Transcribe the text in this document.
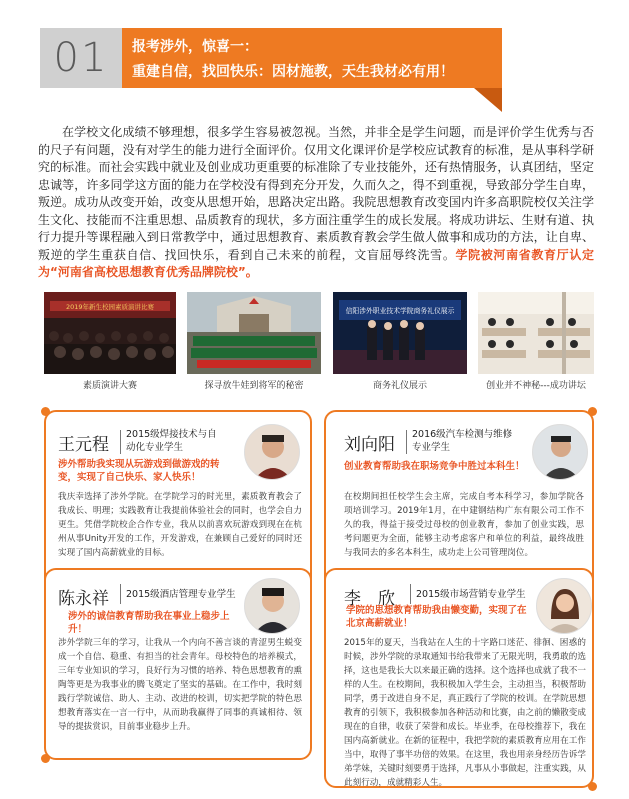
01	报考涉外，惊喜一：
重建自信，找回快乐：因材施教，天生我材必有用！

在学校文化成绩不够理想，很多学生容易被忽视。当然，并非全是学生问题，而是评价学生优秀与否的尺子有问题，没有对学生的能力进行全面评价。仅用文化课评价是学校应试教育的标准，是从事科学研究的标准。而社会实践中就业及创业成功更重要的标准除了专业技能外，还有热情服务，认真团结，坚定忠诚等，许多同学这方面的能力在学校没有得到充分开发，久而久之，得不到重视，导致部分学生自卑，叛逆。成功从改变开始，改变从思想开始，思路决定出路。我院思想教育改变国内许多高职院校仅关注学生文化、技能而不注重思想、品质教育的现状，多方面注重学生的成长发展。将成功讲坛、生财有道、执行力提升等课程融入到日常教学中，通过思想教育、素质教育教会学生做人做事和成功的方法，让自卑、叛逆的学生重获自信、找回快乐，看到自己未来的前程，文盲屈辱终洗雪。学院被河南省教育厅认定为“河南省高校思想教育优秀品牌院校”。

2019年新生校园素质演讲比赛	信阳涉外职业技术学院商务礼仪展示
素质演讲大赛	探寻放牛娃到将军的秘密	商务礼仪展示	创业并不神秘---成功讲坛
王元程
2015级焊接技术与自动化专业学生
涉外帮助我实现从玩游戏到做游戏的转变，实现了自己快乐、家人快乐！
我庆幸选择了涉外学院。在学院学习的时光里，素质教育教会了我成长、明理；实践教育让我提前体验社会的同时，也学会自力更生。凭借学院校企合作专业，我从以前喜欢玩游戏到现在在杭州从事Unity开发的工作，开发游戏，在兼顾自己爱好的同时还实现了国内高薪就业的目标。
刘向阳
2016级汽车检测与维修专业学生
创业教育帮助我在职场竞争中胜过本科生！
在校期间担任校学生会主席，完成自考本科学习，参加学院各项培训学习。2019年1月，在中建钢结构广东有限公司工作不久的我，得益于接受过母校的创业教育，参加了创业实践，思考问题更为全面，能够主动考虑客户和单位的利益，最终战胜与我同去的多名本科生，成功走上公司管理岗位。
陈永祥 2015级酒店管理专业学生
涉外的诚信教育帮助我在事业上稳步上升！
涉外学院三年的学习，让我从一个内向不善言谈的青涩男生蜕变成一个自信、稳重、有担当的社会青年。母校特色的培养模式，三年专业知识的学习，良好行为习惯的培养、特色思想教育的熏陶等更是为我事业的腾飞奠定了坚实的基础。在工作中，我时刻践行学院诚信、助人、主动、改进的校训，切实把学院的特色思想教育落实在一言一行中，从而助我赢得了同事的真诚相待、领导的提拔赏识，目前事业稳步上升。
李　欣 2015级市场营销专业学生
学院的思想教育帮助我由懒变勤，实现了在北京高薪就业！
2015年的夏天，当我站在人生的十字路口迷茫、徘徊、困惑的时候，涉外学院的录取通知书给我带来了无限光明，我勇敢的选择，这也是我长大以来最正确的选择。这个选择也成就了我不一样的人生。在校期间，我积极加入学生会，主动担当，积极帮助同学，勇于改进自身不足，真正践行了学院的校训。在学院思想教育的引领下，我积极参加各种活动和比赛，由之前的懒散变成现在的自律，收获了荣誉和成长。毕业季，在母校推荐下，我在国内高新就业。在新的征程中，我把学院的素质教育应用在工作当中，取得了事半功倍的效果。在这里，我也用亲身经历告诉学弟学妹，关键时刻要勇于选择，凡事从小事做起，注重实践，从此刻行动，成就精彩人生。
